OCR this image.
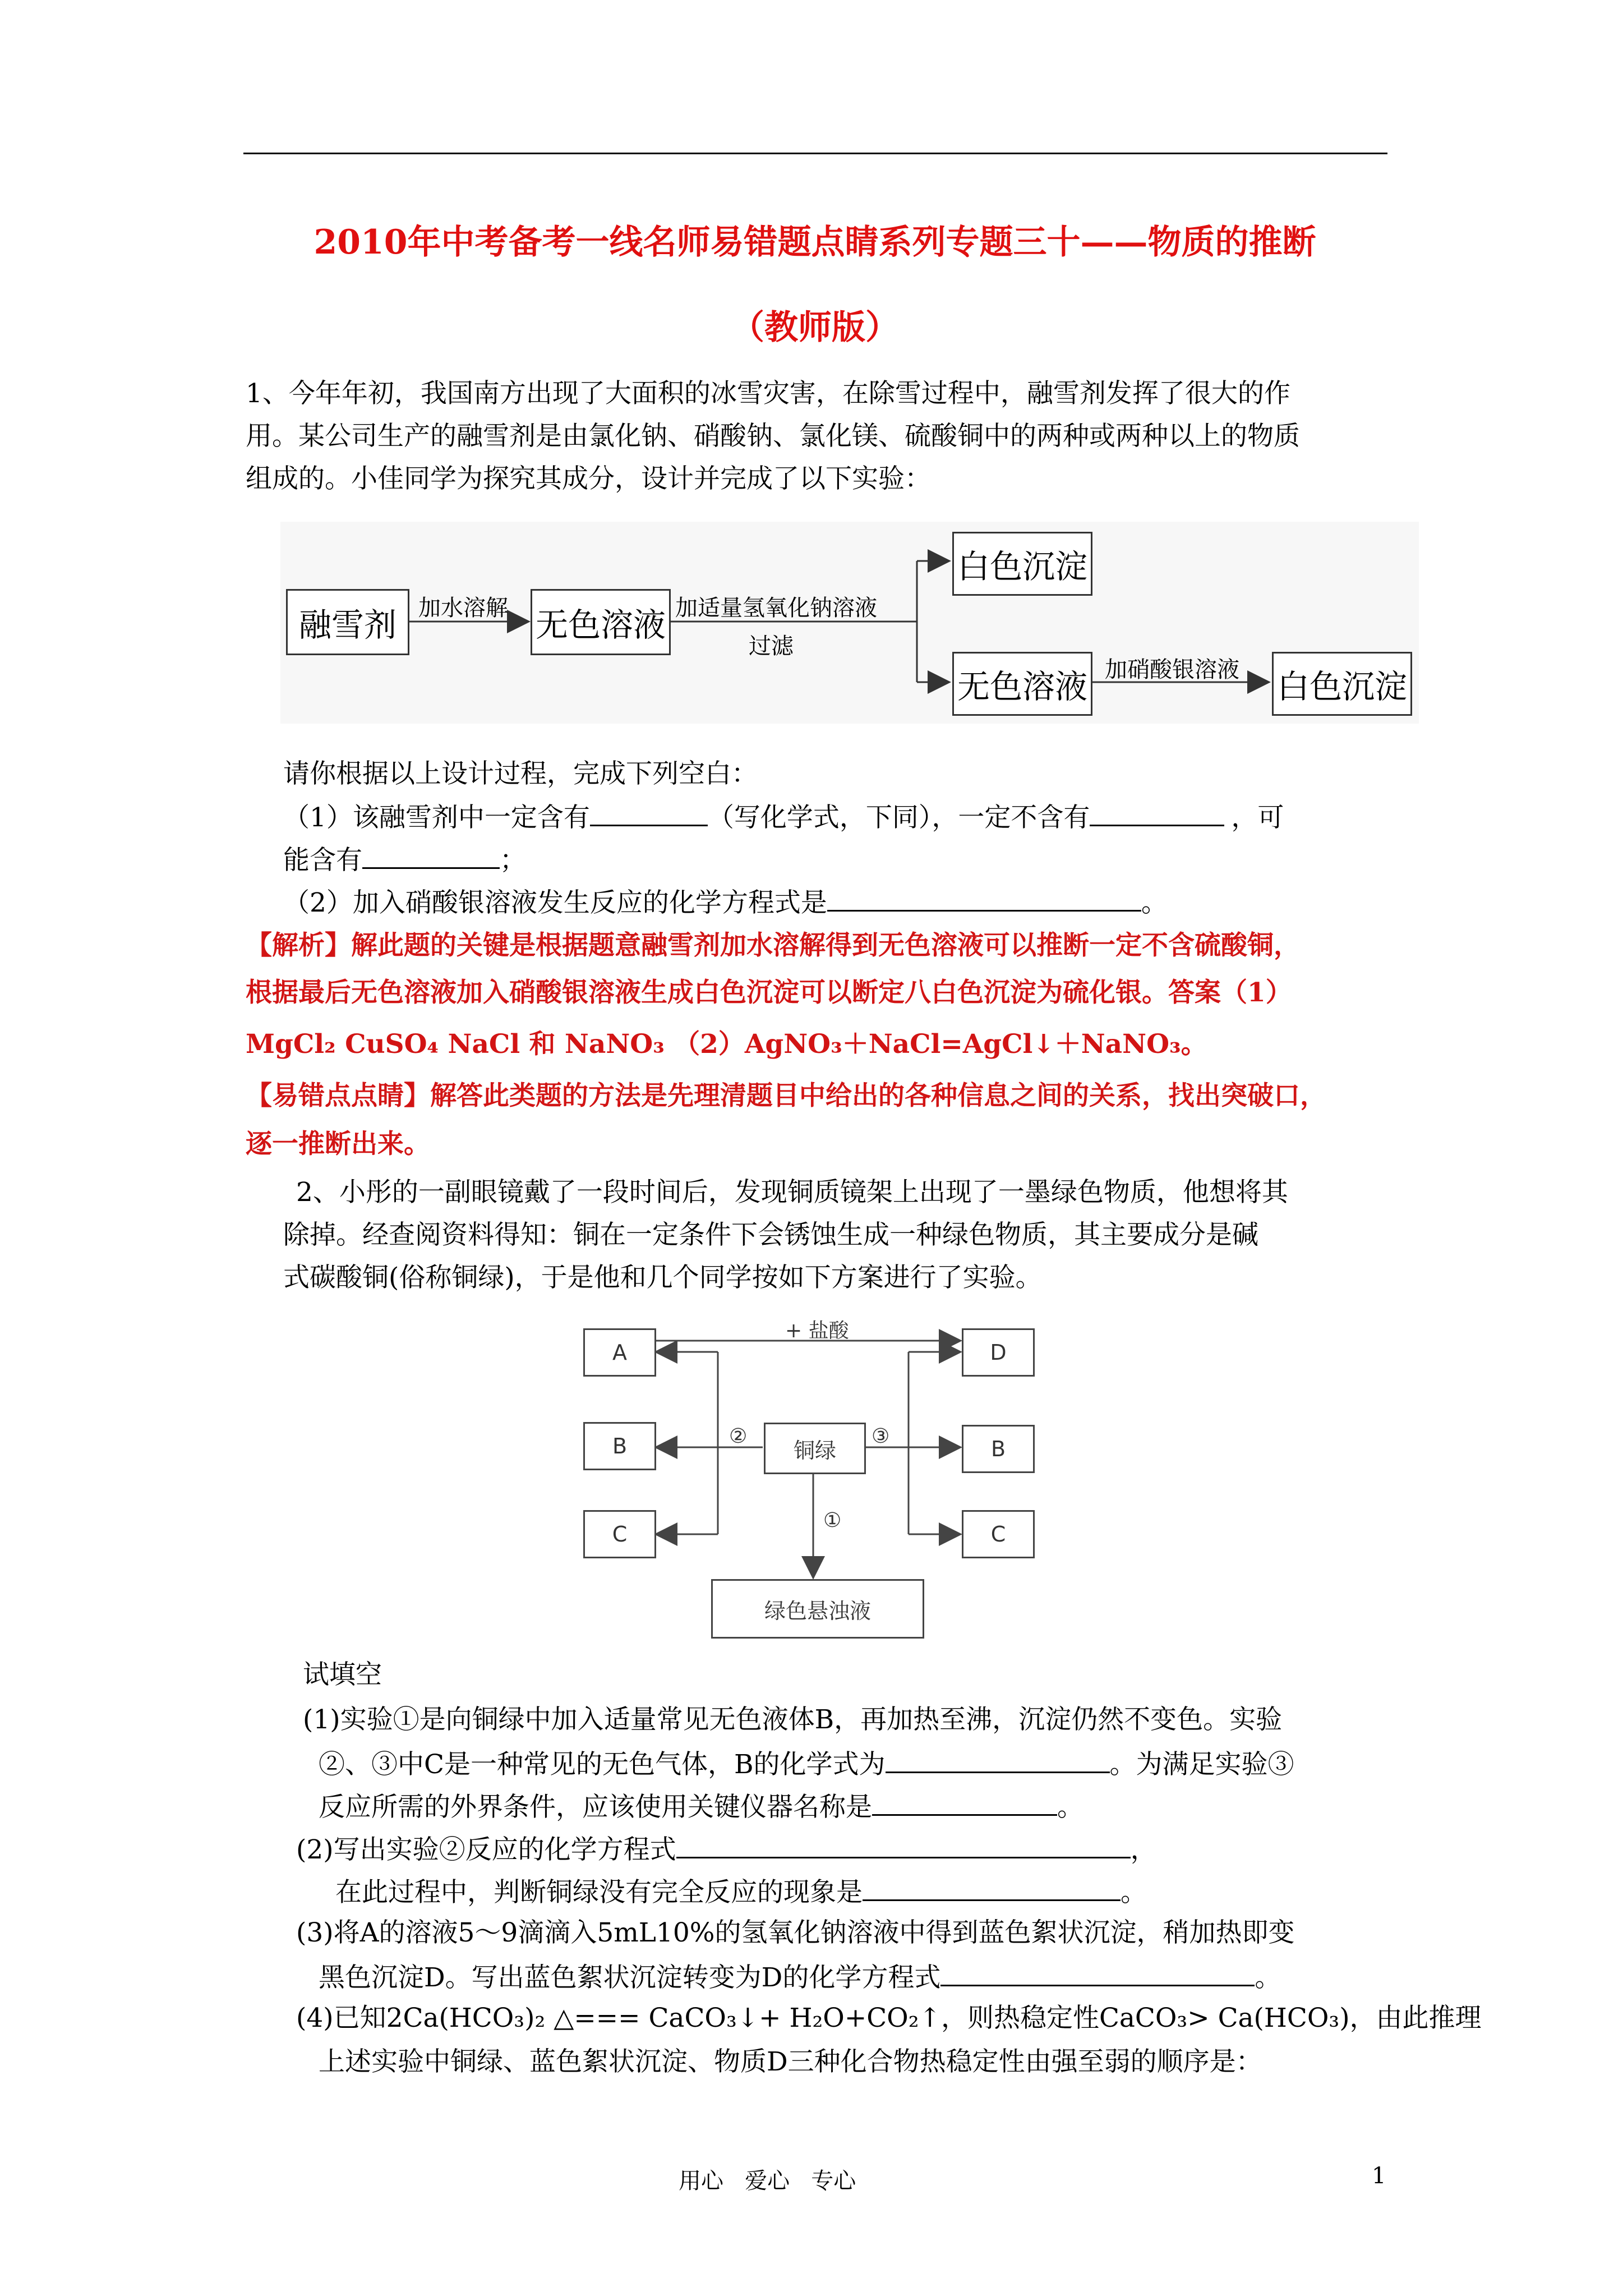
2010年中考备考一线名师易错题点睛系列专题三十——物质的推断
（教师版）
1、今年年初，我国南方出现了大面积的冰雪灾害，在除雪过程中，融雪剂发挥了很大的作
用。某公司生产的融雪剂是由氯化钠、硝酸钠、氯化镁、硫酸铜中的两种或两种以上的物质
组成的。小佳同学为探究其成分，设计并完成了以下实验：
融雪剂	无色溶液
白色沉淀
无色溶液	白色沉淀
加水溶解	加适量氢氧化钠溶液
过滤
加硝酸银溶液
请你根据以上设计过程，完成下列空白：
（1）该融雪剂中一定含有	（写化学式，下同），一定不含有	，可
能含有	；
（2）加入硝酸银溶液发生反应的化学方程式是	。
【解析】解此题的关键是根据题意融雪剂加水溶解得到无色溶液可以推断一定不含硫酸铜，
根据最后无色溶液加入硝酸银溶液生成白色沉淀可以断定八白色沉淀为硫化银。答案（1）
MgCl₂ CuSO₄ NaCl 和 NaNO₃ （2）AgNO₃＋NaCl=AgCl↓＋NaNO₃。
【易错点点睛】解答此类题的方法是先理清题目中给出的各种信息之间的关系，找出突破口，
逐一推断出来。
2、小彤的一副眼镜戴了一段时间后，发现铜质镜架上出现了一墨绿色物质，他想将其
除掉。经查阅资料得知：铜在一定条件下会锈蚀生成一种绿色物质，其主要成分是碱
式碳酸铜(俗称铜绿)，于是他和几个同学按如下方案进行了实验。
A
B
C
D
B
C
铜绿
绿色悬浊液
+ 盐酸
②	③
①
试填空
(1)实验①是向铜绿中加入适量常见无色液体B，再加热至沸，沉淀仍然不变色。实验
②、③中C是一种常见的无色气体，B的化学式为	。为满足实验③
反应所需的外界条件，应该使用关键仪器名称是	。
(2)写出实验②反应的化学方程式	，
在此过程中，判断铜绿没有完全反应的现象是	。
(3)将A的溶液5～9滴滴入5mL10%的氢氧化钠溶液中得到蓝色絮状沉淀，稍加热即变
黑色沉淀D。写出蓝色絮状沉淀转变为D的化学方程式	。
(4)已知2Ca(HCO₃)₂ △=== CaCO₃↓+ H₂O+CO₂↑，则热稳定性CaCO₃> Ca(HCO₃)，由此推理
上述实验中铜绿、蓝色絮状沉淀、物质D三种化合物热稳定性由强至弱的顺序是：
用心   爱心   专心	1
